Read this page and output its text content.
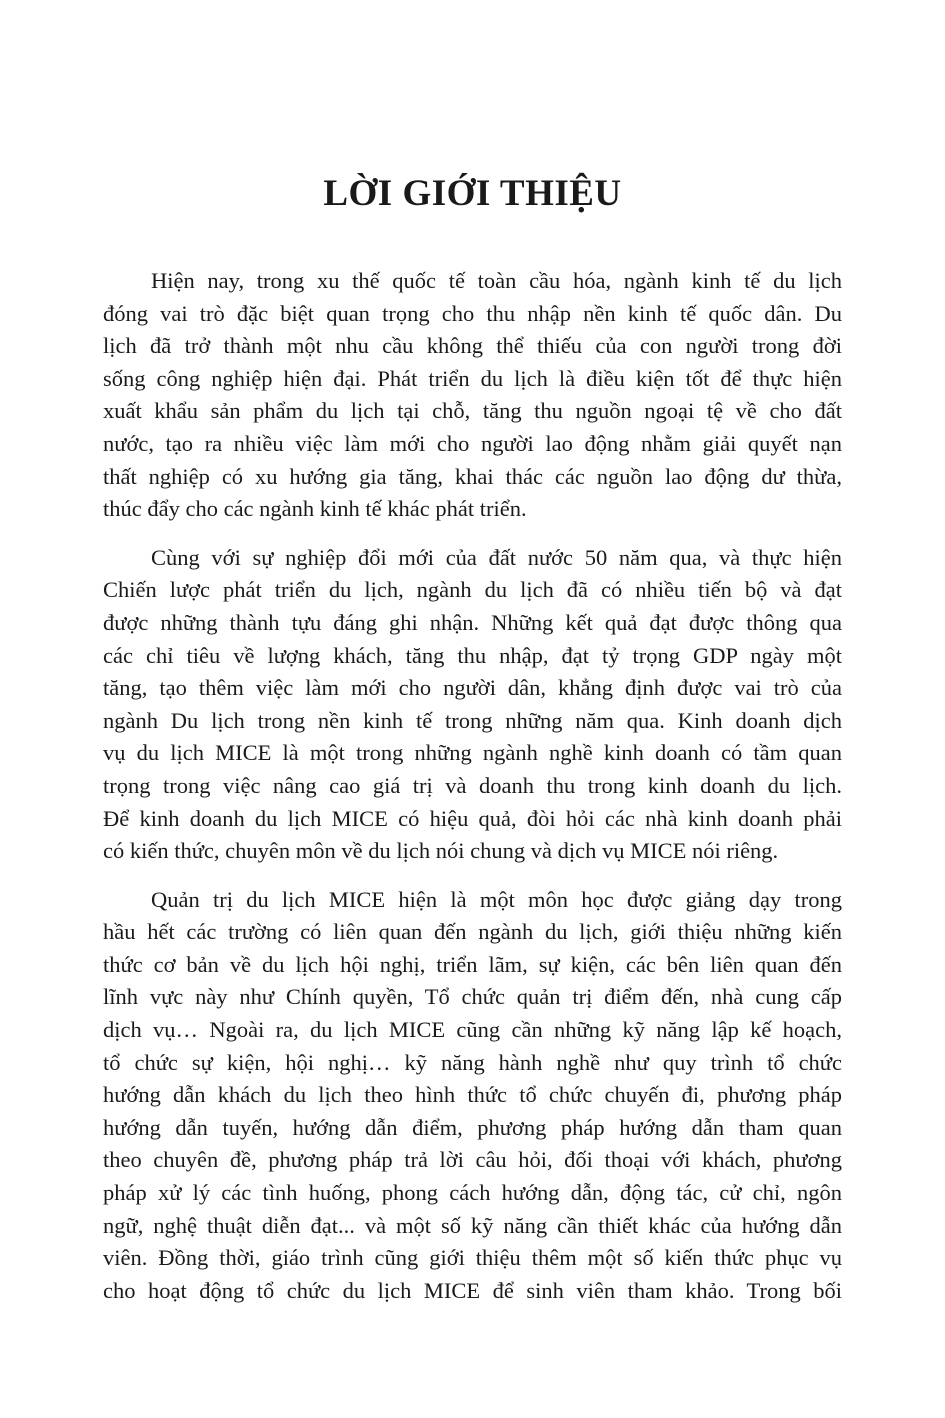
LỜI GIỚI THIỆU

Hiện nay, trong xu thế quốc tế toàn cầu hóa, ngành kinh tế du lịch
đóng vai trò đặc biệt quan trọng cho thu nhập nền kinh tế quốc dân. Du
lịch đã trở thành một nhu cầu không thể thiếu của con người trong đời
sống công nghiệp hiện đại. Phát triển du lịch là điều kiện tốt để thực hiện
xuất khẩu sản phẩm du lịch tại chỗ, tăng thu nguồn ngoại tệ về cho đất
nước, tạo ra nhiều việc làm mới cho người lao động nhằm giải quyết nạn
thất nghiệp có xu hướng gia tăng, khai thác các nguồn lao động dư thừa,
thúc đẩy cho các ngành kinh tế khác phát triển.

Cùng với sự nghiệp đổi mới của đất nước 50 năm qua, và thực hiện
Chiến lược phát triển du lịch, ngành du lịch đã có nhiều tiến bộ và đạt
được những thành tựu đáng ghi nhận. Những kết quả đạt được thông qua
các chỉ tiêu về lượng khách, tăng thu nhập, đạt tỷ trọng GDP ngày một
tăng, tạo thêm việc làm mới cho người dân, khẳng định được vai trò của
ngành Du lịch trong nền kinh tế trong những năm qua. Kinh doanh dịch
vụ du lịch MICE là một trong những ngành nghề kinh doanh có tầm quan
trọng trong việc nâng cao giá trị và doanh thu trong kinh doanh du lịch.
Để kinh doanh du lịch MICE có hiệu quả, đòi hỏi các nhà kinh doanh phải
có kiến thức, chuyên môn về du lịch nói chung và dịch vụ MICE nói riêng.

Quản trị du lịch MICE hiện là một môn học được giảng dạy trong
hầu hết các trường có liên quan đến ngành du lịch, giới thiệu những kiến
thức cơ bản về du lịch hội nghị, triển lãm, sự kiện, các bên liên quan đến
lĩnh vực này như Chính quyền, Tổ chức quản trị điểm đến, nhà cung cấp
dịch vụ… Ngoài ra, du lịch MICE cũng cần những kỹ năng lập kế hoạch,
tổ chức sự kiện, hội nghị… kỹ năng hành nghề như quy trình tổ chức
hướng dẫn khách du lịch theo hình thức tổ chức chuyến đi, phương pháp
hướng dẫn tuyến, hướng dẫn điểm, phương pháp hướng dẫn tham quan
theo chuyên đề, phương pháp trả lời câu hỏi, đối thoại với khách, phương
pháp xử lý các tình huống, phong cách hướng dẫn, động tác, cử chỉ, ngôn
ngữ, nghệ thuật diễn đạt... và một số kỹ năng cần thiết khác của hướng dẫn
viên. Đồng thời, giáo trình cũng giới thiệu thêm một số kiến thức phục vụ
cho hoạt động tổ chức du lịch MICE để sinh viên tham khảo. Trong bối
